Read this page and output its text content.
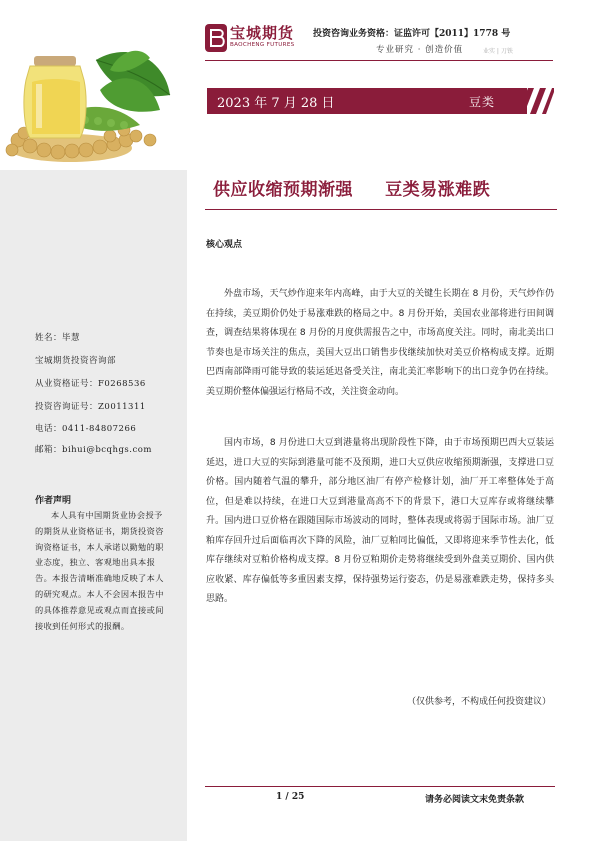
宝城期货
BAOCHENG FUTURES
投资咨询业务资格：证监许可【2011】1778 号
专业研究 · 创造价值	业实 | 刀铁
2023 年 7 月 28 日	豆类
供应收缩预期渐强     豆类易涨难跌
核心观点

外盘市场，天气炒作迎来年内高峰，由于大豆的关键生长期在 8 月份，天气炒作仍在持续，美豆期价仍处于易涨难跌的格局之中。8 月份开始，美国农业部将进行田间调查，调查结果将体现在 8 月份的月度供需报告之中，市场高度关注。同时，南北美出口节奏也是市场关注的焦点，美国大豆出口销售步伐继续加快对美豆价格构成支撑。近期巴西南部降雨可能导致的装运延迟备受关注，南北美汇率影响下的出口竞争仍在持续。美豆期价整体偏强运行格局不改，关注资金动向。

国内市场，8 月份进口大豆到港量将出现阶段性下降，由于市场预期巴西大豆装运延迟，进口大豆的实际到港量可能不及预期，进口大豆供应收缩预期渐强，支撑进口豆价格。国内随着气温的攀升，部分地区油厂有停产检修计划，油厂开工率整体处于高位，但是难以持续，在进口大豆到港量高高不下的背景下，港口大豆库存或将继续攀升。国内进口豆价格在跟随国际市场波动的同时，整体表现或将弱于国际市场。油厂豆粕库存回升过后面临再次下降的风险，油厂豆粕同比偏低，又即将迎来季节性去化，低库存继续对豆粕价格构成支撑。8 月份豆粕期价走势将继续受到外盘美豆期价、国内供应收紧、库存偏低等多重因素支撑，保持强势运行姿态，仍是易涨难跌走势，保持多头思路。

（仅供参考，不构成任何投资建议）
姓名：毕慧
宝城期货投资咨询部
从业资格证号：F0268536
投资咨询证号：Z0011311
电话：0411-84807266
邮箱：bihui@bcqhgs.com
作者声明

本人具有中国期货业协会授予的期货从业资格证书，期货投资咨询资格证书，本人承诺以勤勉的职业态度，独立、客观地出具本报告。本报告清晰准确地反映了本人的研究观点。本人不会因本报告中的具体推荐意见或观点而直接或间接收到任何形式的报酬。

1 / 25	请务必阅读文末免责条款
